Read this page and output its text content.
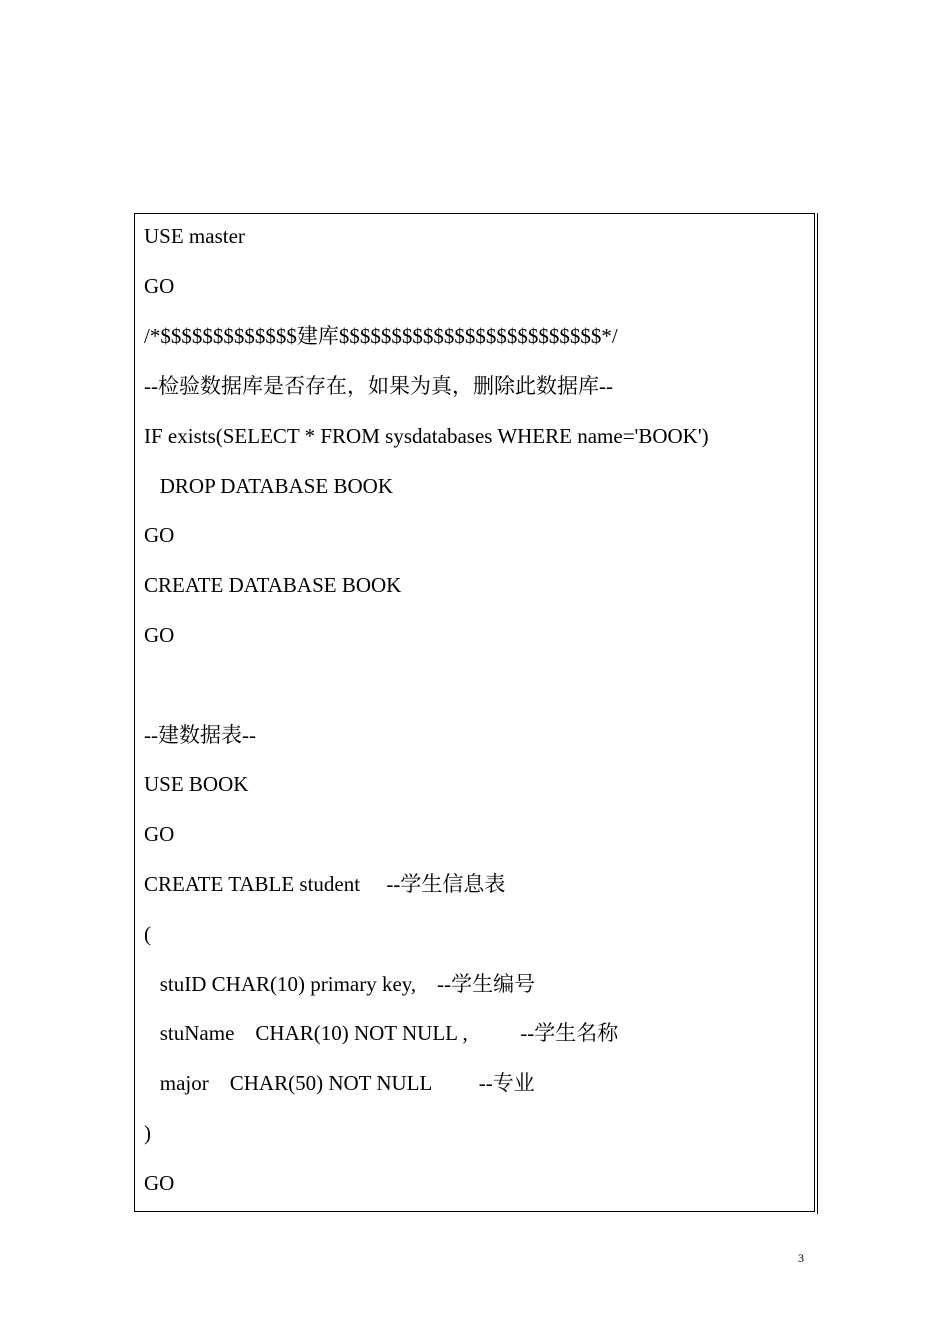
USE master
GO
/*$$$$$$$$$$$$$建库$$$$$$$$$$$$$$$$$$$$$$$$$*/
--检验数据库是否存在，如果为真，删除此数据库--
IF exists(SELECT * FROM sysdatabases WHERE name='BOOK')
DROP DATABASE BOOK
GO
CREATE DATABASE BOOK
GO
--建数据表--
USE BOOK
GO
CREATE TABLE student     --学生信息表
(
stuID CHAR(10) primary key,    --学生编号
stuName    CHAR(10) NOT NULL ,          --学生名称
major    CHAR(50) NOT NULL         --专业
)
GO
3
